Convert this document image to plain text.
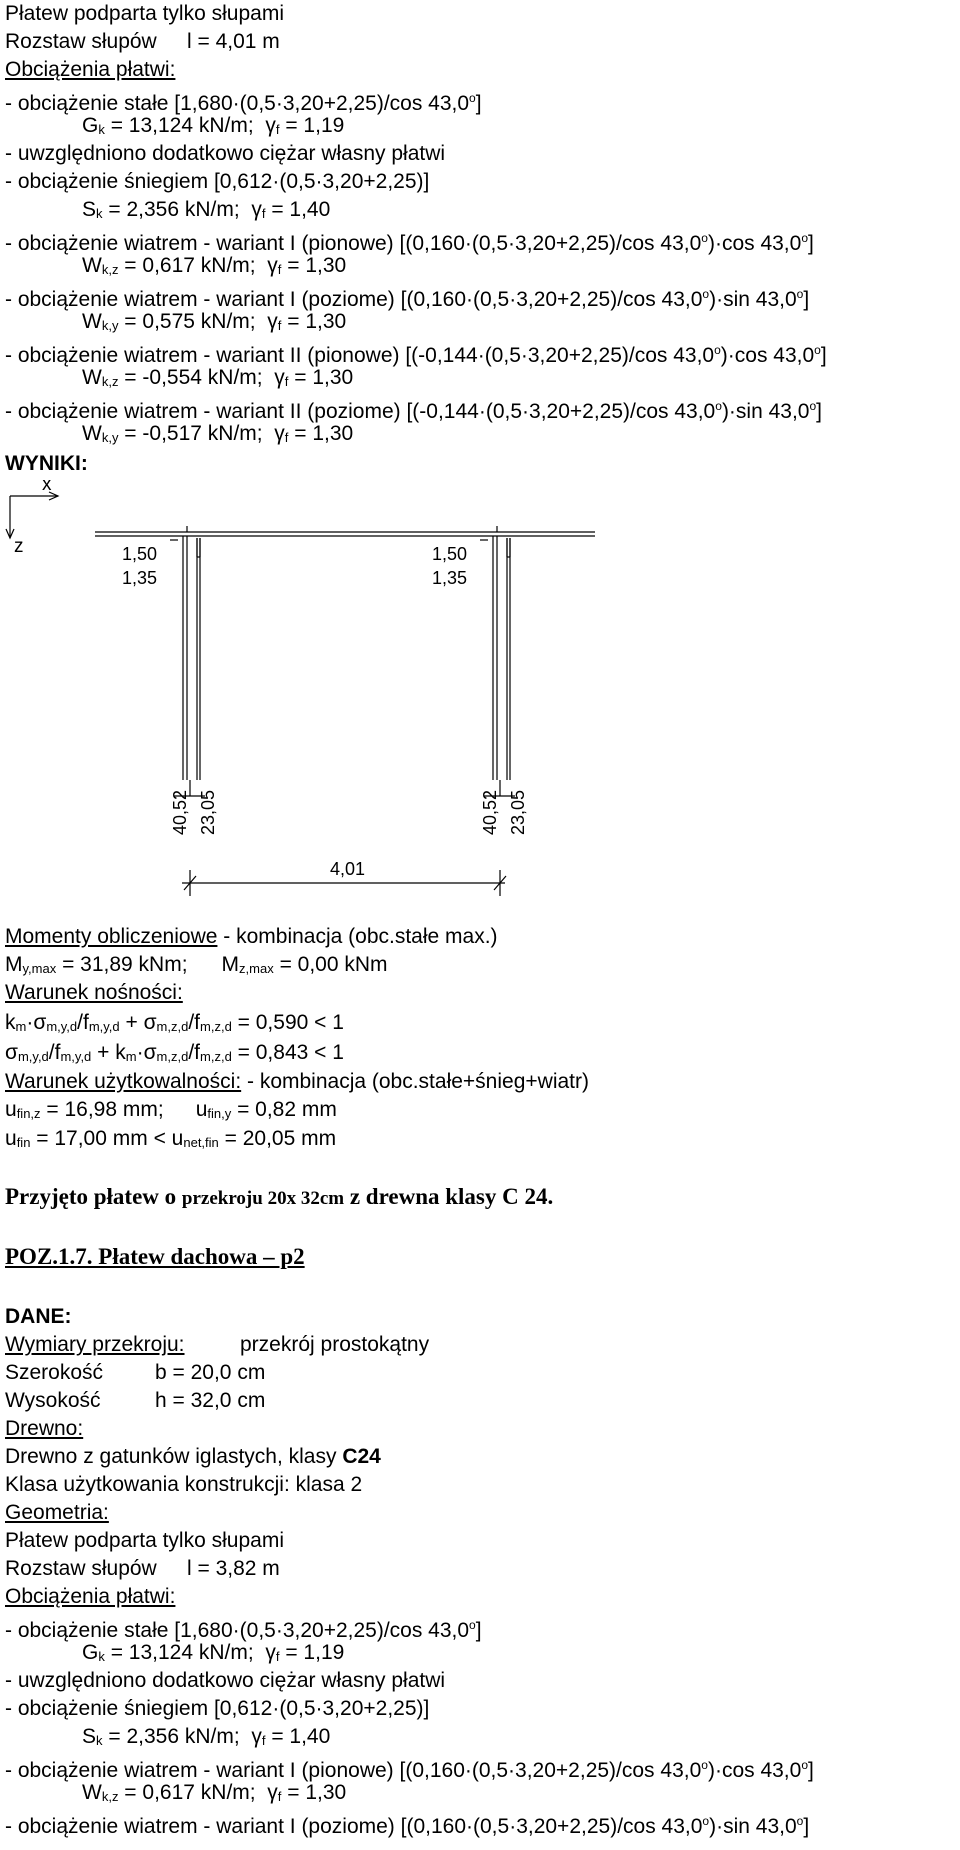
Płatew podparta tylko słupami
Rozstaw słupów l = 4,01 m
Obciążenia płatwi:
- obciążenie stałe [1,680·(0,5·3,20+2,25)/cos 43,0$^o$]
$G_k = 13,124$ kN/m;  γf = 1,19
- uwzględniono dodatkowo ciężar własny płatwi
- obciążenie śniegiem [0,612·(0,5·3,20+2,25)]
$S_k = 2,356$ kN/m;  γf = 1,40
- obciążenie wiatrem - wariant I (pionowe) [(0,160·(0,5·3,20+2,25)/cos $43,0^o)\cdot\cos$ 43,0$^o$]
$W_{k,z} = 0,617$ kN/m;  γf = 1,30
- obciążenie wiatrem - wariant I (poziome) [(0,160·(0,5·3,20+2,25)/cos $43,0^o)\cdot\sin$ 43,0$^o$]
$W_{k,y} = 0,575$ kN/m;  γf = 1,30
- obciążenie wiatrem - wariant II (pionowe) [(-0,144·(0,5·3,20+2,25)/cos $43,0^o)\cdot\cos$ 43,0$^o$]
$W_{k,z} = -0,554$ kN/m;  γf = 1,30
- obciążenie wiatrem - wariant II (poziome) [(-0,144·(0,5·3,20+2,25)/cos $43,0^o)\cdot\sin$ 43,0$^o$]
$W_{k,y} = -0,517$ kN/m;  γf = 1,30
WYNIKI:
x
z	1,50
1,35
1,50
1,35
40,52 23,05	40,52 23,05
4,01
Momenty obliczeniowe - kombinacja (obc.stałe max.)
$M_{y,max} = 31,89$ kNm; $M_{z,max} = 0,00$ kNm
Warunek nośności:
$k_m\cdot\sigma_{m,y,d}/f_{m,y,d} + \sigma_{m,z,d}/f_{m,z,d} = 0,590 < 1$
$\sigma_{m,y,d}/f_{m,y,d} + k_m\cdot\sigma_{m,z,d}/f_{m,z,d} = 0,843 < 1$
Warunek użytkowalności: - kombinacja (obc.stałe+śnieg+wiatr)
$u_{fin,z} = 16,98$ mm; $u_{fin,y} = 0,82$ mm
$u_{fin} = 17,00$ mm < $u_{net,fin} = 20,05$ mm
Przyjęto płatew o przekroju 20x 32cm z drewna klasy C 24.
POZ.1.7. Płatew dachowa – p2
DANE:
Wymiary przekroju:	przekrój prostokątny
Szerokość b = 20,0 cm
Wysokość	h = 32,0 cm
Drewno:
Drewno z gatunków iglastych, klasy C24
Klasa użytkowania konstrukcji: klasa 2
Geometria:
Płatew podparta tylko słupami
Rozstaw słupów l = 3,82 m
Obciążenia płatwi:
- obciążenie stałe [1,680·(0,5·3,20+2,25)/cos 43,0$^o$]
$G_k = 13,124$ kN/m;  γf = 1,19
- uwzględniono dodatkowo ciężar własny płatwi
- obciążenie śniegiem [0,612·(0,5·3,20+2,25)]
$S_k = 2,356$ kN/m;  γf = 1,40
- obciążenie wiatrem - wariant I (pionowe) [(0,160·(0,5·3,20+2,25)/cos $43,0^o)\cdot\cos$ 43,0$^o$]
$W_{k,z} = 0,617$ kN/m;  γf = 1,30
- obciążenie wiatrem - wariant I (poziome) [(0,160·(0,5·3,20+2,25)/cos $43,0^o)\cdot\sin$ 43,0$^o$]
